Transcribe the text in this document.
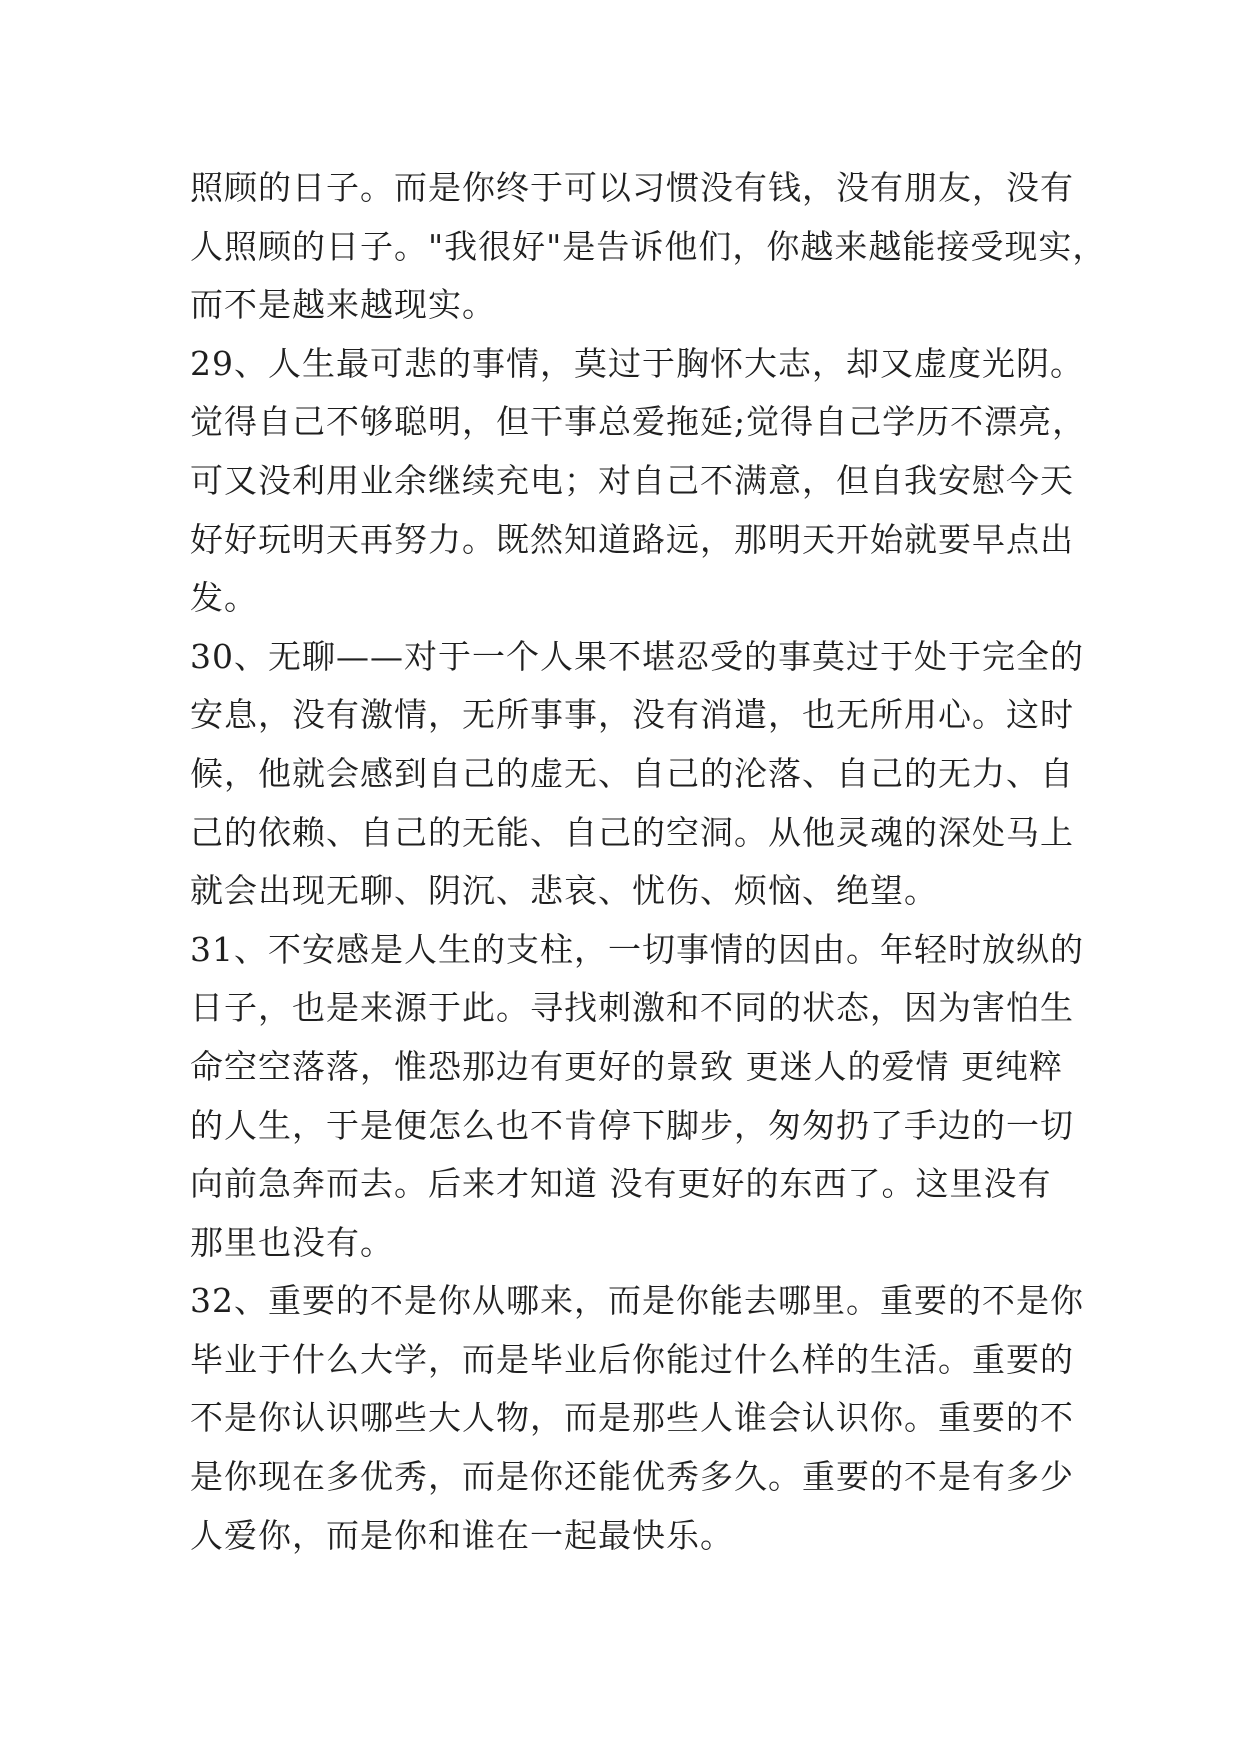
照顾的日子。而是你终于可以习惯没有钱，没有朋友，没有
人照顾的日子。"我很好"是告诉他们，你越来越能接受现实，
而不是越来越现实。
29、人生最可悲的事情，莫过于胸怀大志，却又虚度光阴。
觉得自己不够聪明，但干事总爱拖延;觉得自己学历不漂亮，
可又没利用业余继续充电；对自己不满意，但自我安慰今天
好好玩明天再努力。既然知道路远，那明天开始就要早点出
发。
30、无聊——对于一个人果不堪忍受的事莫过于处于完全的
安息，没有激情，无所事事，没有消遣，也无所用心。这时
候，他就会感到自己的虚无、自己的沦落、自己的无力、自
己的依赖、自己的无能、自己的空洞。从他灵魂的深处马上
就会出现无聊、阴沉、悲哀、忧伤、烦恼、绝望。
31、不安感是人生的支柱，一切事情的因由。年轻时放纵的
日子，也是来源于此。寻找刺激和不同的状态，因为害怕生
命空空落落，惟恐那边有更好的景致 更迷人的爱情 更纯粹
的人生，于是便怎么也不肯停下脚步，匆匆扔了手边的一切
向前急奔而去。后来才知道 没有更好的东西了。这里没有
那里也没有。
32、重要的不是你从哪来，而是你能去哪里。重要的不是你
毕业于什么大学，而是毕业后你能过什么样的生活。重要的
不是你认识哪些大人物，而是那些人谁会认识你。重要的不
是你现在多优秀，而是你还能优秀多久。重要的不是有多少
人爱你，而是你和谁在一起最快乐。
